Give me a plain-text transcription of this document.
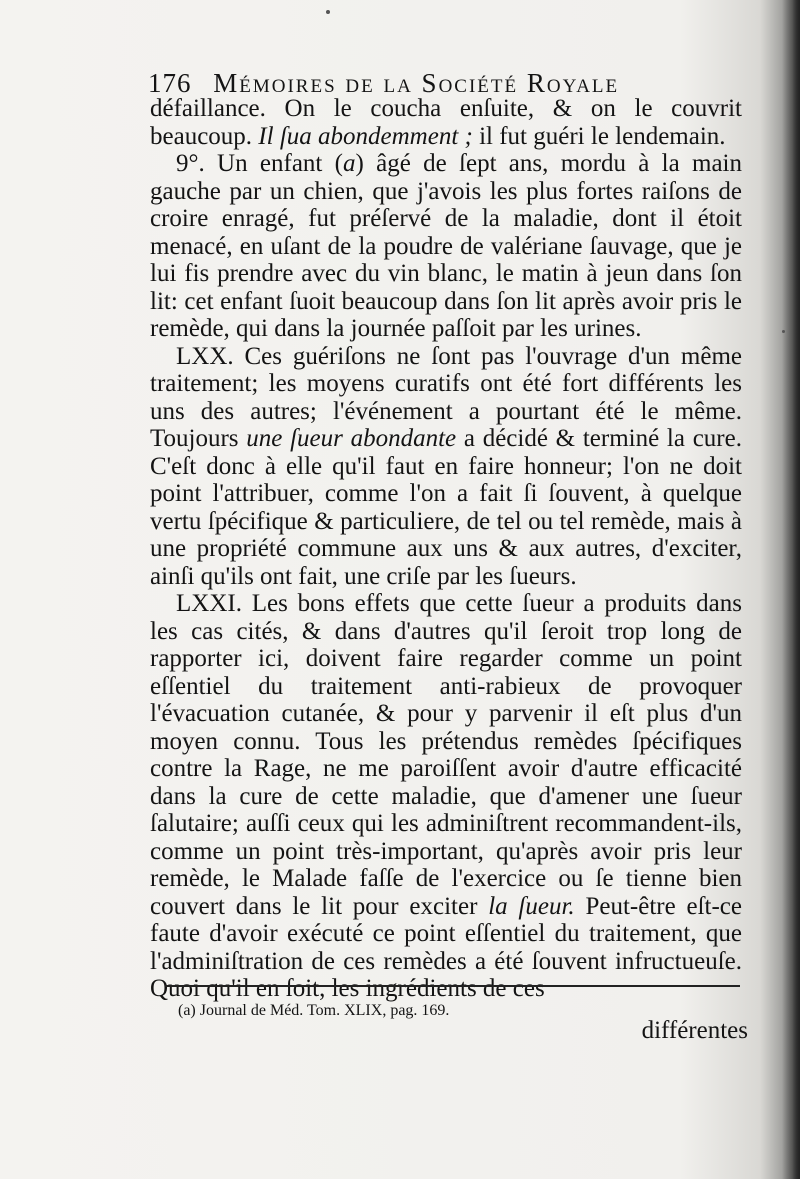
176 Mémoires de la Société Royale

défaillance. On le coucha enſuite, & on le couvrit beaucoup. Il ſua abondemment ; il fut guéri le lendemain.

9°. Un enfant (a) âgé de ſept ans, mordu à la main gauche par un chien, que j'avois les plus fortes raiſons de croire enragé, fut préſervé de la maladie, dont il étoit menacé, en uſant de la poudre de valériane ſauvage, que je lui fis prendre avec du vin blanc, le matin à jeun dans ſon lit: cet enfant ſuoit beaucoup dans ſon lit après avoir pris le remède, qui dans la journée paſſoit par les urines.

LXX. Ces guériſons ne ſont pas l'ouvrage d'un même traitement; les moyens curatifs ont été fort différents les uns des autres; l'événement a pourtant été le même. Toujours une ſueur abondante a décidé & terminé la cure. C'eſt donc à elle qu'il faut en faire honneur; l'on ne doit point l'attribuer, comme l'on a fait ſi ſouvent, à quelque vertu ſpécifique & particuliere, de tel ou tel remède, mais à une propriété commune aux uns & aux autres, d'exciter, ainſi qu'ils ont fait, une criſe par les ſueurs.

LXXI. Les bons effets que cette ſueur a produits dans les cas cités, & dans d'autres qu'il ſeroit trop long de rapporter ici, doivent faire regarder comme un point eſſentiel du traitement anti-rabieux de provoquer l'évacuation cutanée, & pour y parvenir il eſt plus d'un moyen connu. Tous les prétendus remèdes ſpécifiques contre la Rage, ne me paroiſſent avoir d'autre efficacité dans la cure de cette maladie, que d'amener une ſueur ſalutaire; auſſi ceux qui les adminiſtrent recommandent-ils, comme un point très-important, qu'après avoir pris leur remède, le Malade faſſe de l'exercice ou ſe tienne bien couvert dans le lit pour exciter la ſueur. Peut-être eſt-ce faute d'avoir exécuté ce point eſſentiel du traitement, que l'adminiſtration de ces remèdes a été ſouvent infructueuſe. Quoi qu'il en ſoit, les ingrédients de ces

(a) Journal de Méd. Tom. XLIX, pag. 169.
différentes
